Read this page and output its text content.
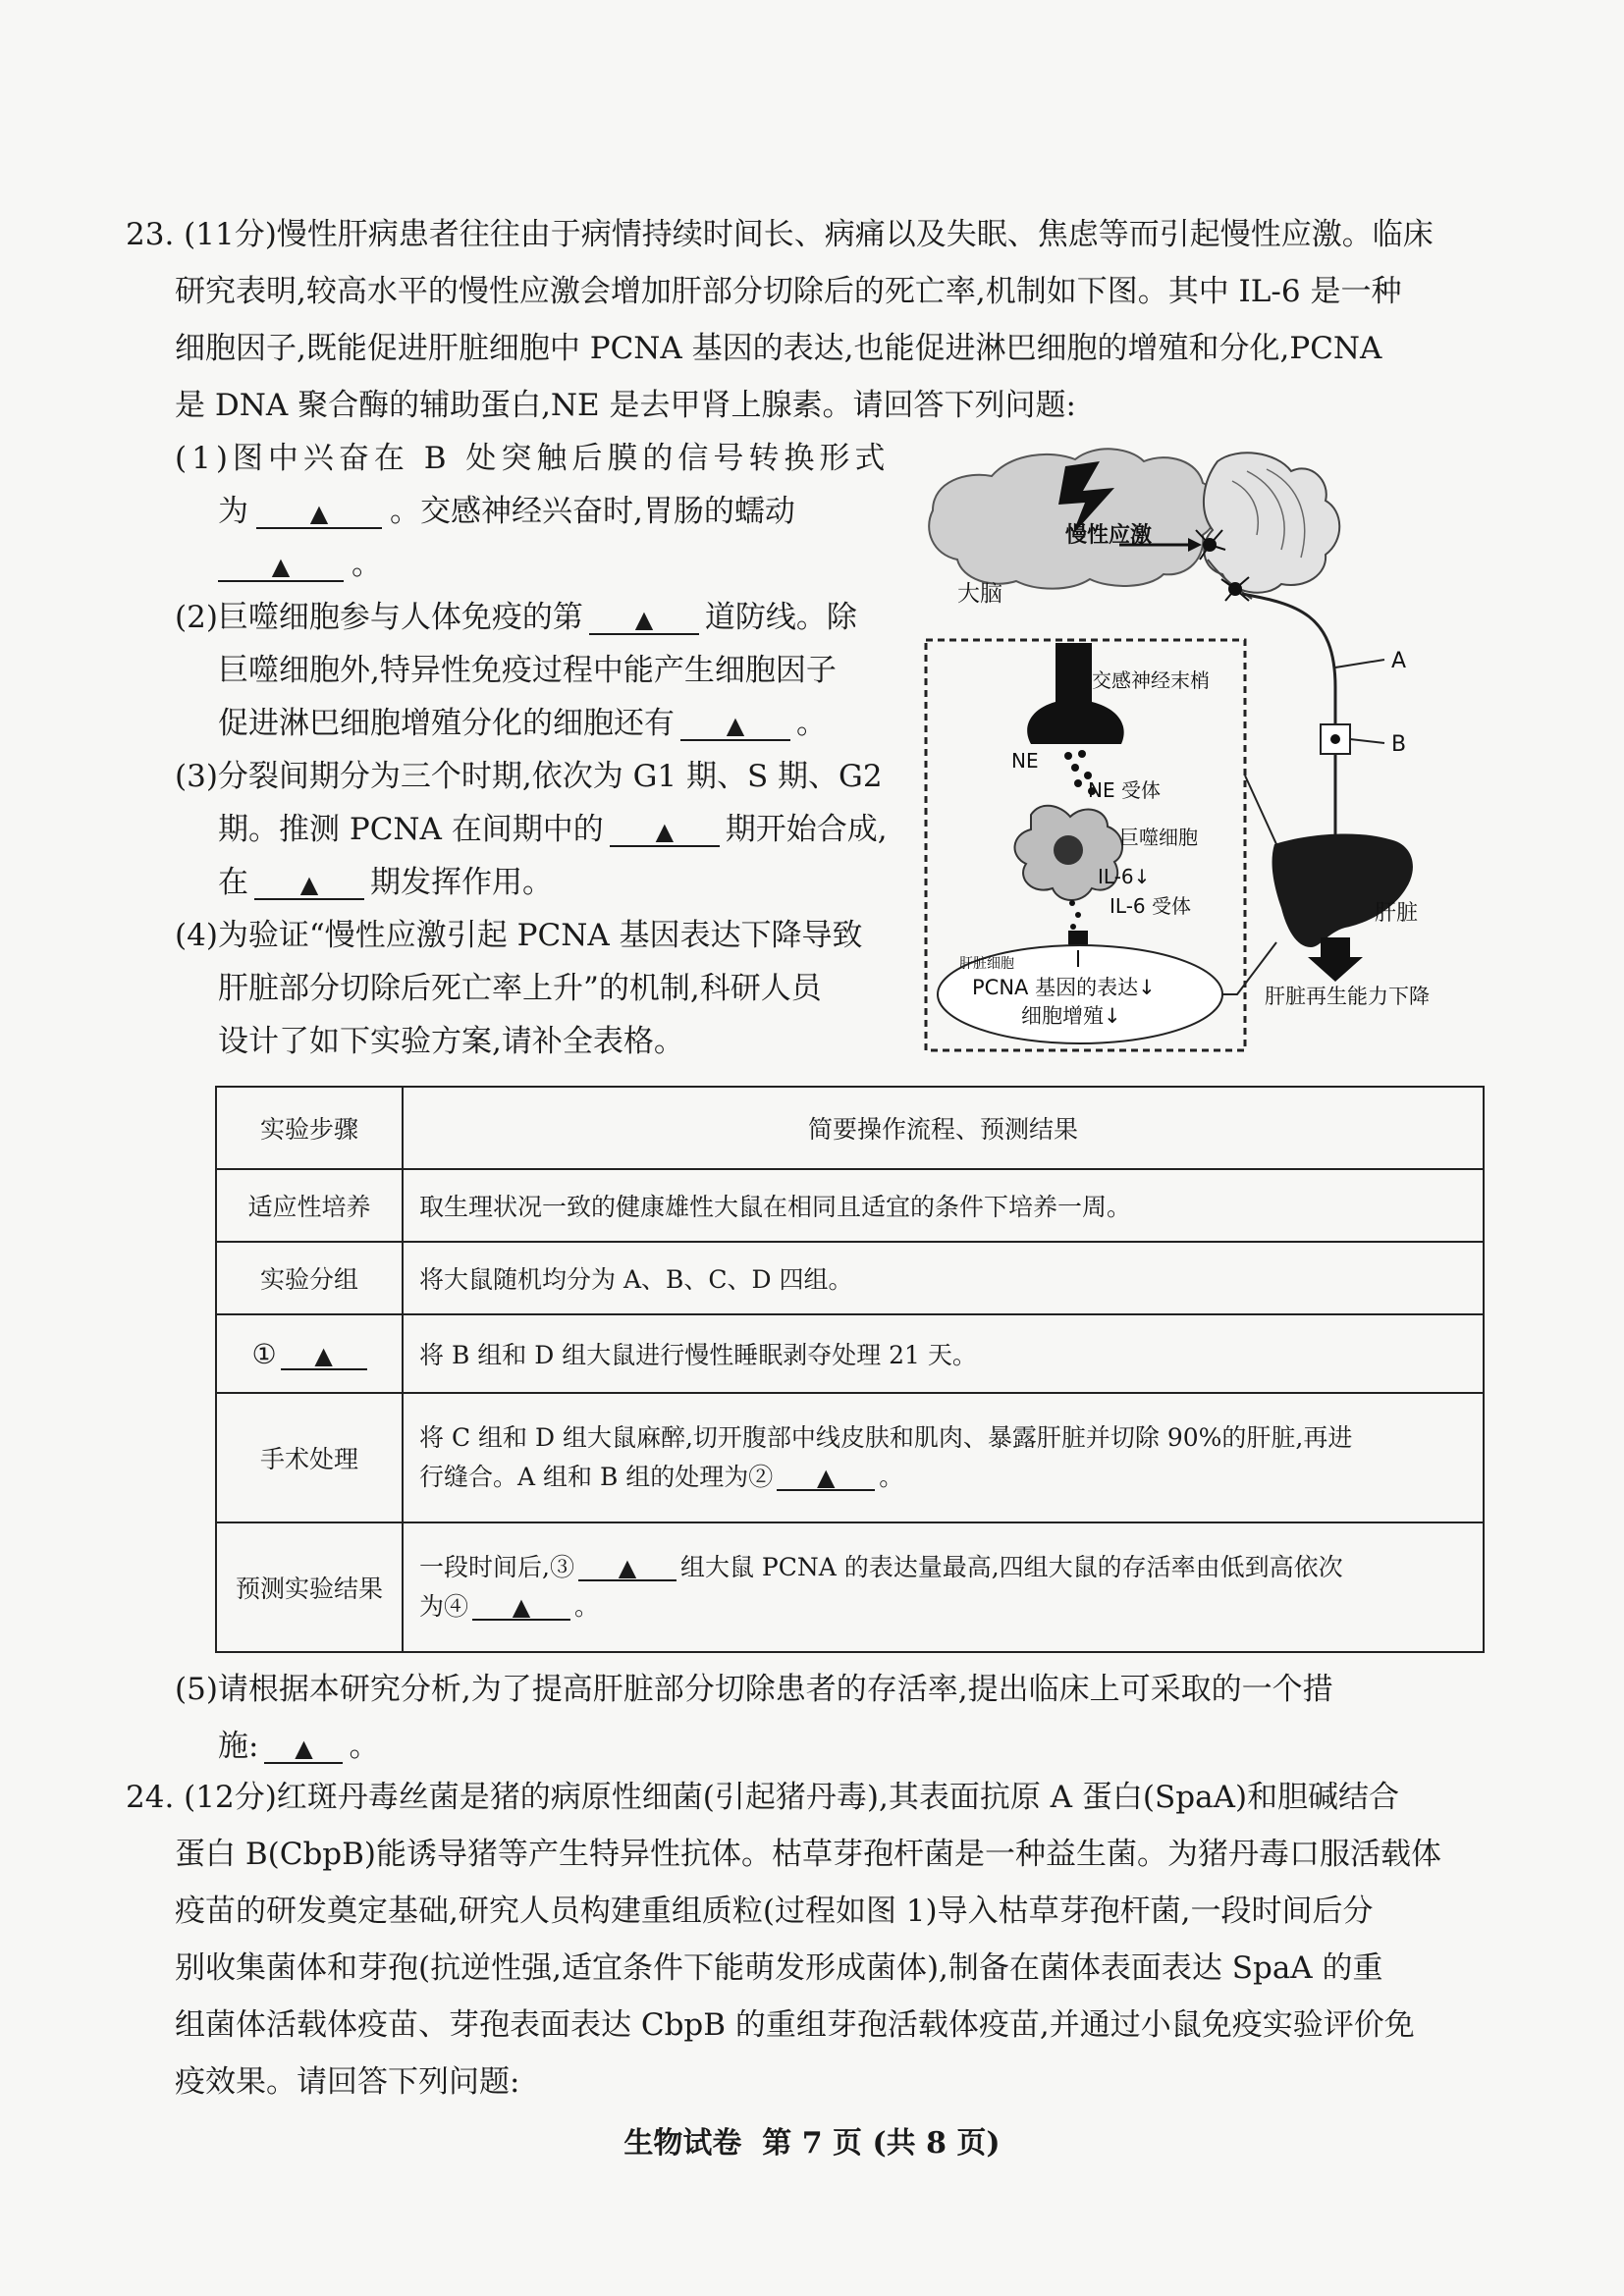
23. (11分)慢性肝病患者往往由于病情持续时间长、病痛以及失眠、焦虑等而引起慢性应激。临床
研究表明,较高水平的慢性应激会增加肝部分切除后的死亡率,机制如下图。其中 IL-6 是一种
细胞因子,既能促进肝脏细胞中 PCNA 基因的表达,也能促进淋巴细胞的增殖和分化,PCNA
是 DNA 聚合酶的辅助蛋白,NE 是去甲肾上腺素。请回答下列问题:
(1)图中兴奋在 B 处突触后膜的信号转换形式
为	▲ 。交感神经兴奋时,胃肠的蠕动
▲ 。
(2)巨噬细胞参与人体免疫的第 ▲ 道防线。除
巨噬细胞外,特异性免疫过程中能产生细胞因子
促进淋巴细胞增殖分化的细胞还有 ▲ 。
(3)分裂间期分为三个时期,依次为 G1 期、S 期、G2
期。推测 PCNA 在间期中的 ▲ 期开始合成,
在 ▲ 期发挥作用。
(4)为验证“慢性应激引起 PCNA 基因表达下降导致
肝脏部分切除后死亡率上升”的机制,科研人员
设计了如下实验方案,请补全表格。
慢性应激
大脑
A
B
交感神经末梢
NE
NE 受体
巨噬细胞
IL-6↓
IL-6 受体
肝脏细胞
PCNA 基因的表达↓
细胞增殖↓
肝脏
肝脏再生能力下降
实验步骤	简要操作流程、预测结果
适应性培养	取生理状况一致的健康雄性大鼠在相同且适宜的条件下培养一周。
实验分组	将大鼠随机均分为 A、B、C、D 四组。
① ▲	将 B 组和 D 组大鼠进行慢性睡眠剥夺处理 21 天。
手术处理	将 C 组和 D 组大鼠麻醉,切开腹部中线皮肤和肌肉、暴露肝脏并切除 90%的肝脏,再进
行缝合。A 组和 B 组的处理为② ▲ 。

预测实验结果	一段时间后,③ ▲ 组大鼠 PCNA 的表达量最高,四组大鼠的存活率由低到高依次
为④ ▲ 。
(5)请根据本研究分析,为了提高肝脏部分切除患者的存活率,提出临床上可采取的一个措
施: ▲ 。
24. (12分)红斑丹毒丝菌是猪的病原性细菌(引起猪丹毒),其表面抗原 A 蛋白(SpaA)和胆碱结合
蛋白 B(CbpB)能诱导猪等产生特异性抗体。枯草芽孢杆菌是一种益生菌。为猪丹毒口服活载体
疫苗的研发奠定基础,研究人员构建重组质粒(过程如图 1)导入枯草芽孢杆菌,一段时间后分
别收集菌体和芽孢(抗逆性强,适宜条件下能萌发形成菌体),制备在菌体表面表达 SpaA 的重
组菌体活载体疫苗、芽孢表面表达 CbpB 的重组芽孢活载体疫苗,并通过小鼠免疫实验评价免
疫效果。请回答下列问题:
生物试卷  第 7 页 (共 8 页)
